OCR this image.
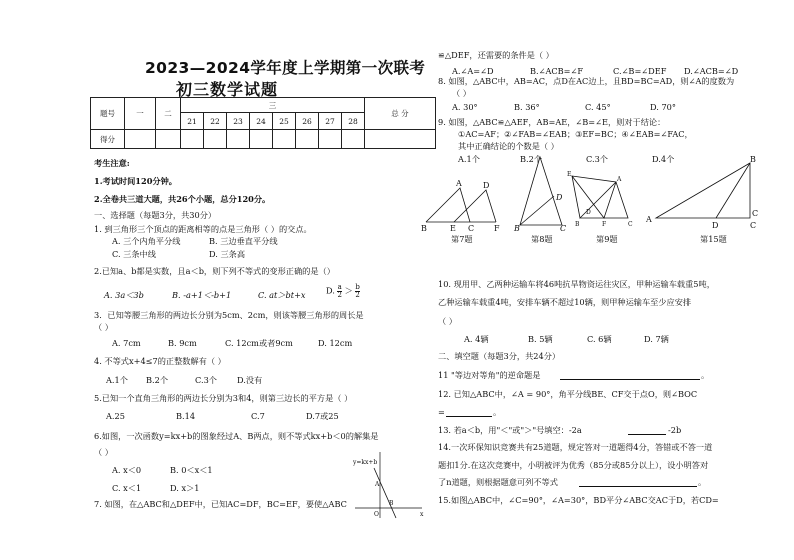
2023—2024学年度上学期第一次联考
初三数学试题
题号	一	二	三								总 分
			21	22	23	24	25	26	27	28	
得分											
考生注意:
1.考试时间120分钟。
2.全卷共三道大题，共26个小题，总分120分。
一、选择题（每题3分，共30分）
1. 到三角形三个顶点的距离相等的点是三角形（ ）的交点。
A. 三个内角平分线	B. 三边垂直平分线
C. 三条中线	D. 三条高
2.已知a、b都是实数，且a＜b，则下列不等式的变形正确的是（）
A. 3a＜3b	B. -a+1＜-b+1	C. at＞bt+x D. $\frac{a}{2} > \frac{b}{2}$
3．已知等腰三角形的两边长分别为5cm、2cm，则该等腰三角形的周长是
（ ）
A. 7cm	B. 9cm	C. 12cm或者9cm	D. 12cm
4. 不等式x+4≤7的正整数解有（ ）
A.1个 B.2个	C.3个 D.没有
5.已知一个直角三角形的两边长分别为3和4，则第三边长的平方是（ ）
A.25	B.14	C.7	D.7或25
6.如图，一次函数y=kx+b的图象经过A、B两点，则不等式kx+b＜0的解集是
（ ）
A. x＜0	B. 0＜x＜1
C. x＜1	D. x＞1
7. 如图，在△ABC和△DEF中，已知AC=DF，BC=EF，要使△ABC
y=kx+b
A
B
O	x
≌△DEF，还需要的条件是（ ）
A.∠A=∠D	B.∠ACB=∠F	C.∠B=∠DEF D.∠ACB=∠D
8. 如图，△ABC中，AB=AC，点D在AC边上，且BD=BC=AD，则∠A的度数为
（ ）
A. 30°	B. 36°	C. 45°	D. 70°
9. 如图，△ABC≌△AEF，AB=AE，∠B=∠E，则对于结论：
①AC=AF；②∠FAB=∠EAB；③EF=BC；④∠EAB=∠FAC，
其中正确结论的个数是（ ）
A.1个	B.2个	C.3个	D.4个
A	D
B	E C F
D
B	C
E
A
D
B	F	C
B
A
D	C
C
第7题	第8题	第9题	第15题
10. 现用甲、乙两种运输车将46吨抗旱物资运往灾区，甲种运输车载重5吨，
乙种运输车载重4吨，安排车辆不超过10辆，则甲种运输车至少应安排
（ ）
A. 4辆	B. 5辆	C. 6辆	D. 7辆
二、填空题（每题3分，共24分）
11 "等边对等角"的逆命题是	。
12. 已知△ABC中，∠A = 90°，角平分线BE、CF交于点O，则∠BOC
=	。
13. 若a＜b，用"＜"或"＞"号填空：-2a	-2b
14.一次环保知识竞赛共有25道题，规定答对一道题得4分，答错或不答一道
题扣1分.在这次竞赛中，小明被评为优秀（85分或85分以上），设小明答对
了n道题，则根据题意可列不等式	。
15.如图△ABC中，∠C=90°，∠A=30°，BD平分∠ABC交AC于D，若CD=
